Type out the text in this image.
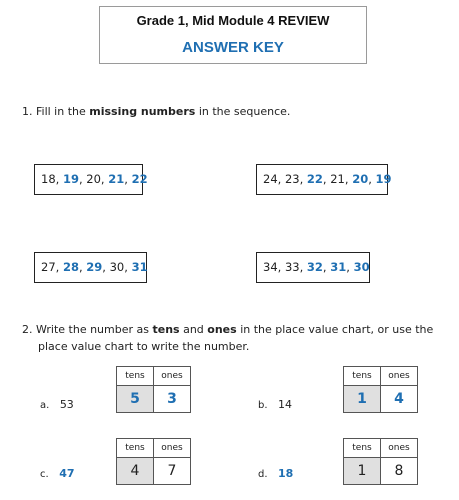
Grade 1, Mid Module 4 REVIEW
ANSWER KEY
1. Fill in the missing numbers in the sequence.
18, 19, 20, 21, 22	24, 23, 22, 21, 20, 19
27, 28, 29, 30, 31	34, 33, 32, 31, 30
2. Write the number as tens and ones in the place value chart, or use the
place value chart to write the number.
a. 53	b. 14
c. 47	d. 18
tens	ones
5	3
tens	ones
1	4
tens	ones
4	7
tens	ones
1	8
